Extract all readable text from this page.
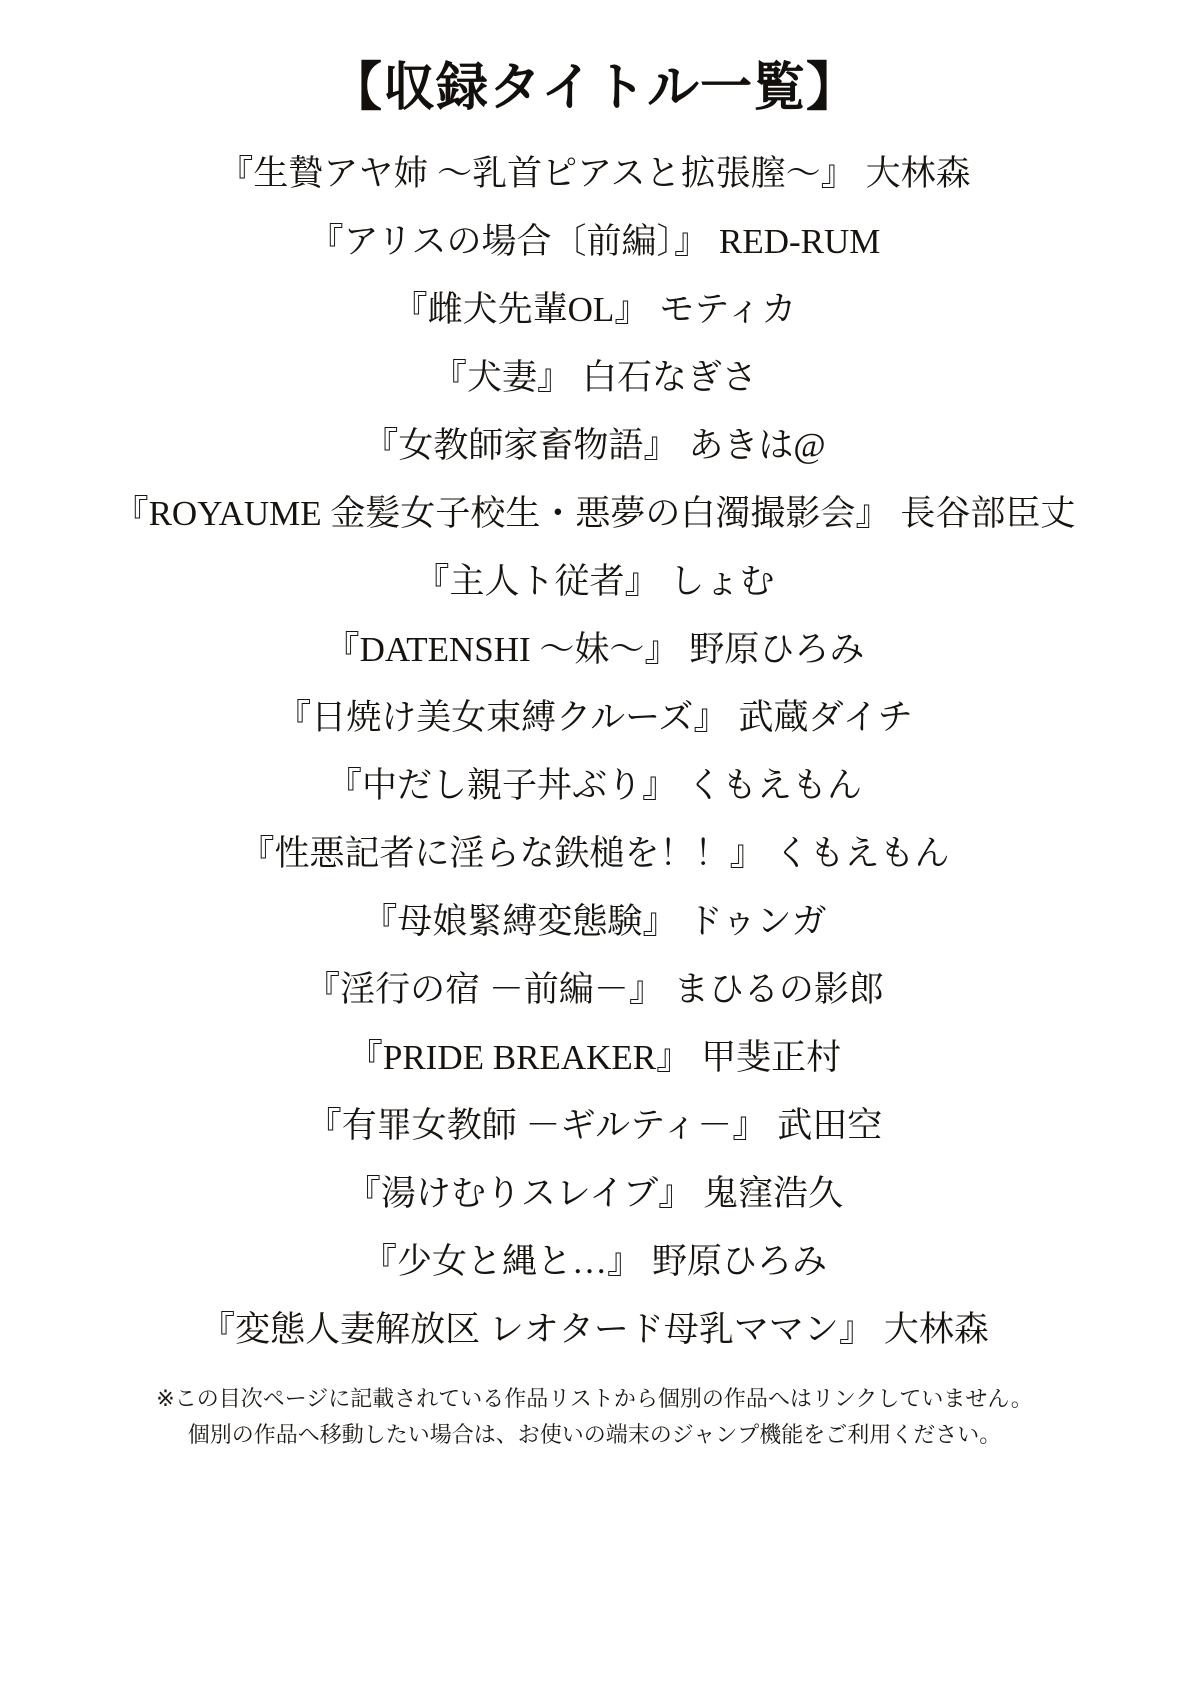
【収録タイトル一覧】
『生贄アヤ姉 ～乳首ピアスと拡張膣～』 大林森
『アリスの場合〔前編〕』 RED-RUM
『雌犬先輩OL』 モティカ
『犬妻』 白石なぎさ
『女教師家畜物語』 あきは@
『ROYAUME 金髪女子校生・悪夢の白濁撮影会』 長谷部臣丈
『主人ト従者』 しょむ
『DATENSHI ～妹～』 野原ひろみ
『日焼け美女束縛クルーズ』 武蔵ダイチ
『中だし親子丼ぶり』 くもえもん
『性悪記者に淫らな鉄槌を！！』 くもえもん
『母娘緊縛変態験』 ドゥンガ
『淫行の宿 －前編－』 まひるの影郎
『PRIDE BREAKER』 甲斐正村
『有罪女教師 －ギルティ－』 武田空
『湯けむりスレイブ』 鬼窪浩久
『少女と縄と…』 野原ひろみ
『変態人妻解放区 レオタード母乳ママン』 大林森
※この目次ページに記載されている作品リストから個別の作品へはリンクしていません。
個別の作品へ移動したい場合は、お使いの端末のジャンプ機能をご利用ください。
